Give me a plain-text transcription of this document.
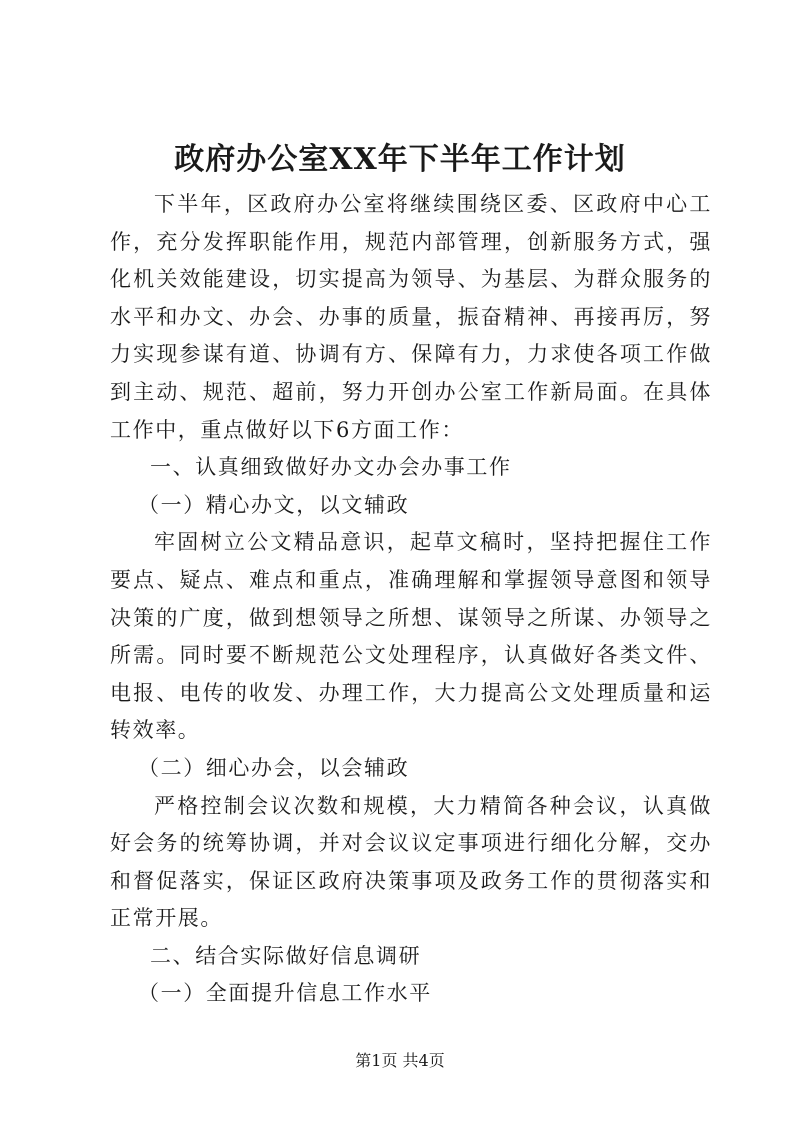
政府办公室XX年下半年工作计划

下半年，区政府办公室将继续围绕区委、区政府中心工作，充分发挥职能作用，规范内部管理，创新服务方式，强化机关效能建设，切实提高为领导、为基层、为群众服务的水平和办文、办会、办事的质量，振奋精神、再接再厉，努力实现参谋有道、协调有方、保障有力，力求使各项工作做到主动、规范、超前，努力开创办公室工作新局面。在具体工作中，重点做好以下6方面工作：

一、认真细致做好办文办会办事工作

（一）精心办文，以文辅政

牢固树立公文精品意识，起草文稿时，坚持把握住工作要点、疑点、难点和重点，准确理解和掌握领导意图和领导决策的广度，做到想领导之所想、谋领导之所谋、办领导之所需。同时要不断规范公文处理程序，认真做好各类文件、电报、电传的收发、办理工作，大力提高公文处理质量和运转效率。

（二）细心办会，以会辅政

严格控制会议次数和规模，大力精简各种会议，认真做好会务的统筹协调，并对会议议定事项进行细化分解，交办和督促落实，保证区政府决策事项及政务工作的贯彻落实和正常开展。

二、结合实际做好信息调研

（一）全面提升信息工作水平

第1页 共4页
